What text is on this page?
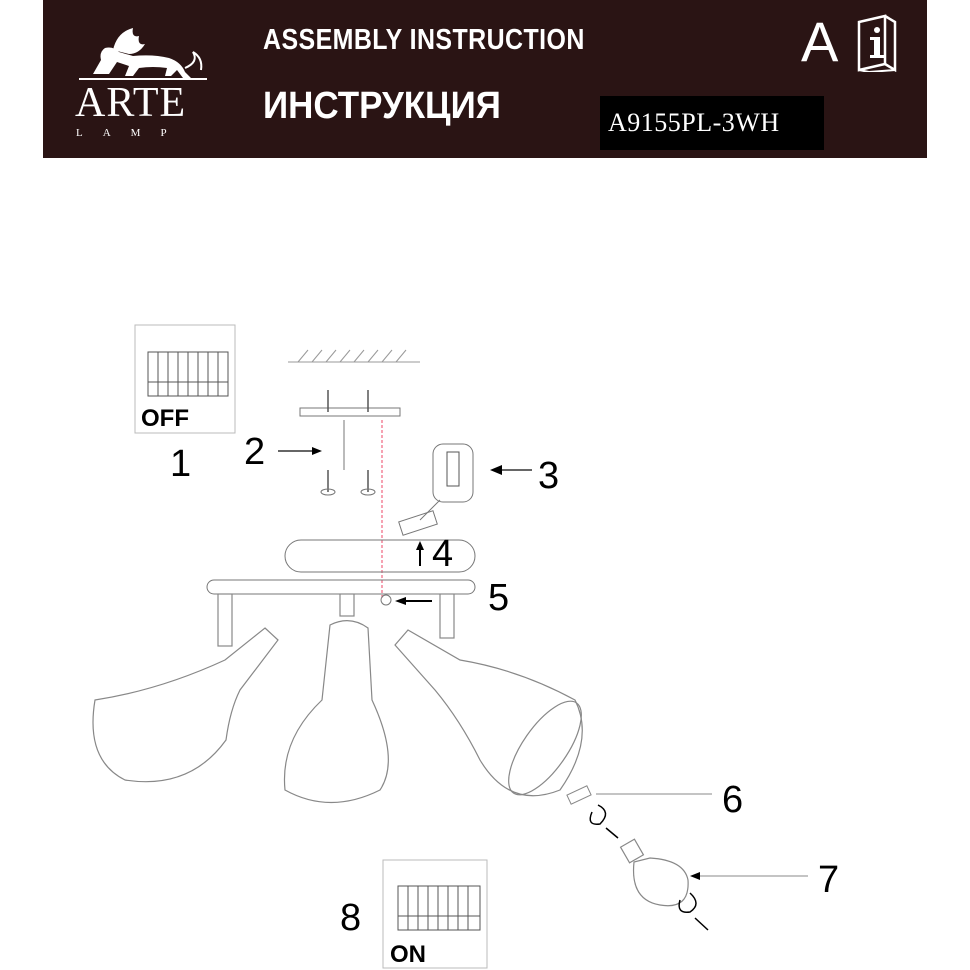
ARTE
LAMP
ASSEMBLY INSTRUCTION
ИНСТРУКЦИЯ	A9155PL-3WH
A
OFF
1 2
3
4
5
6
7
ON
8
